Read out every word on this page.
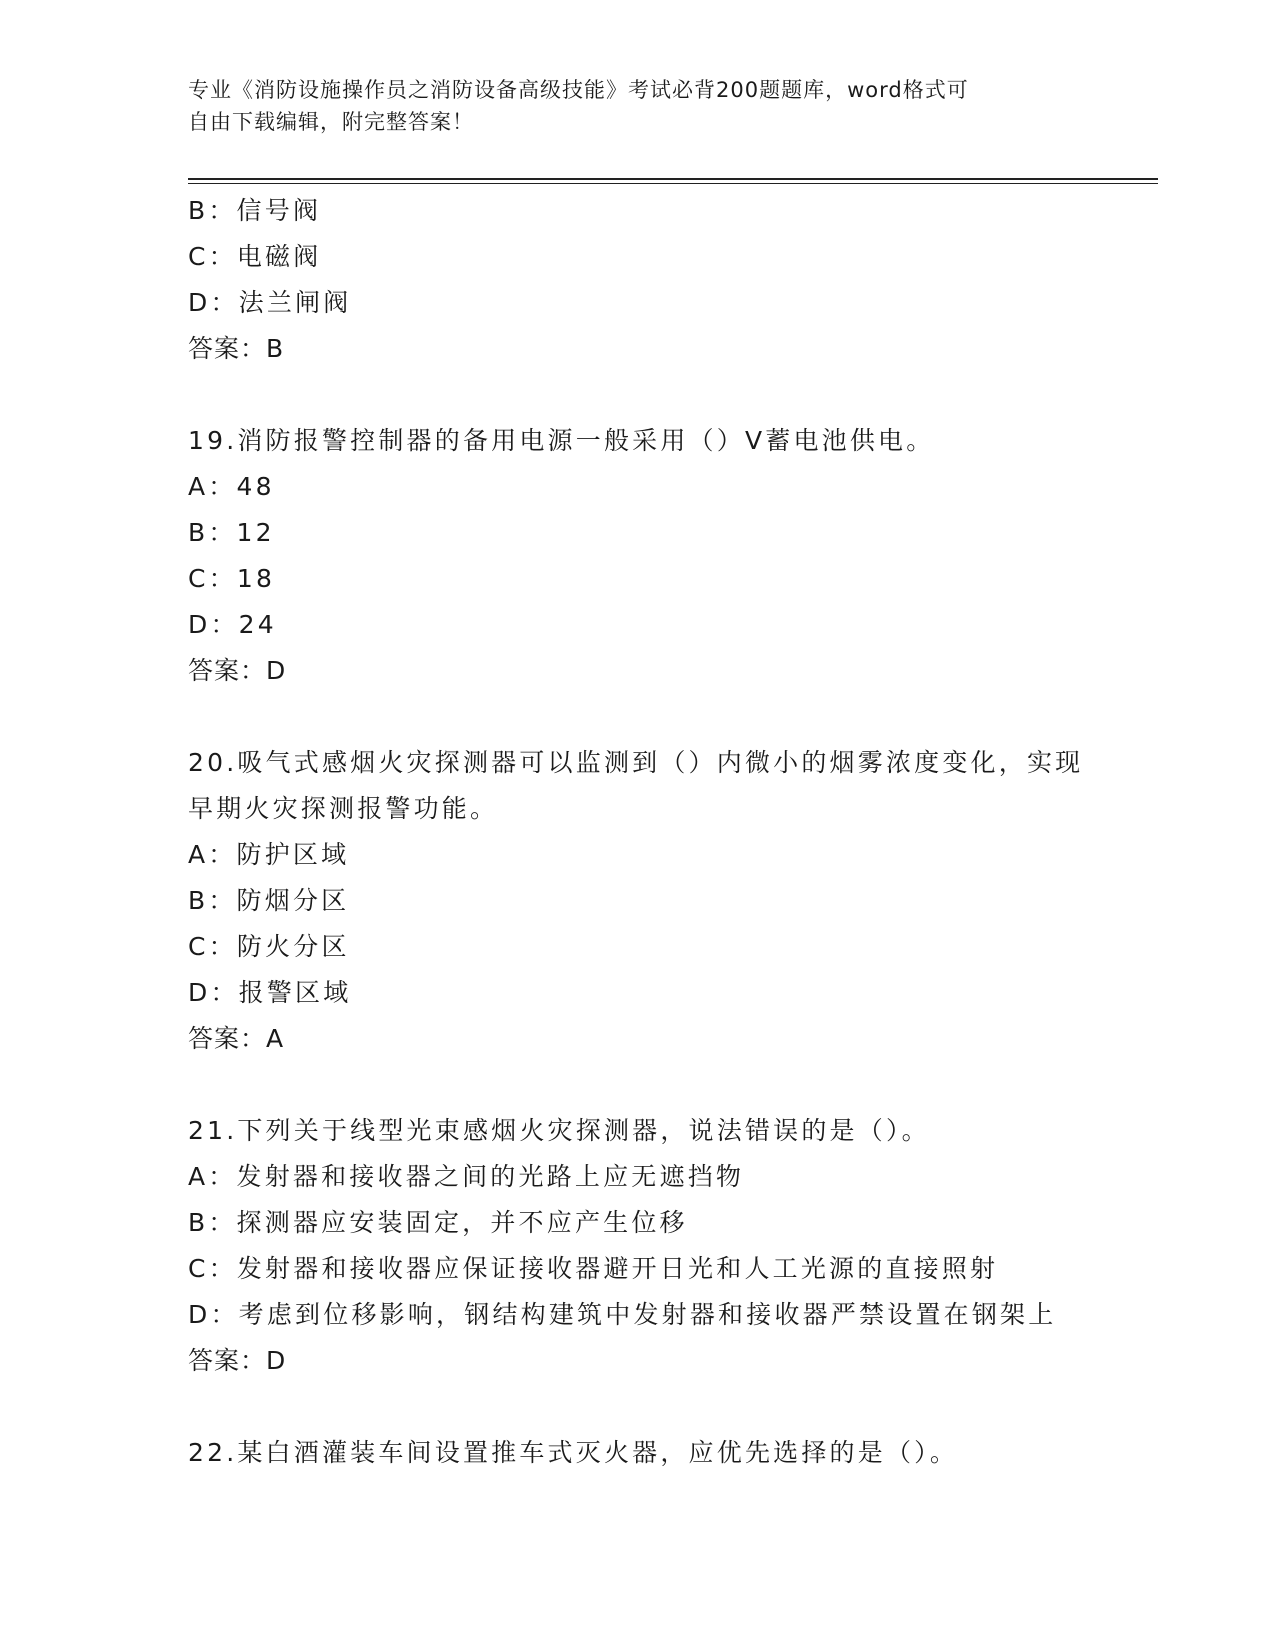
专业《消防设施操作员之消防设备高级技能》考试必背200题题库，word格式可
自由下载编辑，附完整答案！
B：信号阀
C：电磁阀
D：法兰闸阀
答案：B
19.消防报警控制器的备用电源一般采用（）V蓄电池供电。
A：48
B：12
C：18
D：24
答案：D
20.吸气式感烟火灾探测器可以监测到（）内微小的烟雾浓度变化，实现早期火灾探测报警功能。
A：防护区域
B：防烟分区
C：防火分区
D：报警区域
答案：A
21.下列关于线型光束感烟火灾探测器，说法错误的是（）。
A：发射器和接收器之间的光路上应无遮挡物
B：探测器应安装固定，并不应产生位移
C：发射器和接收器应保证接收器避开日光和人工光源的直接照射
D：考虑到位移影响，钢结构建筑中发射器和接收器严禁设置在钢架上
答案：D
22.某白酒灌装车间设置推车式灭火器，应优先选择的是（）。
